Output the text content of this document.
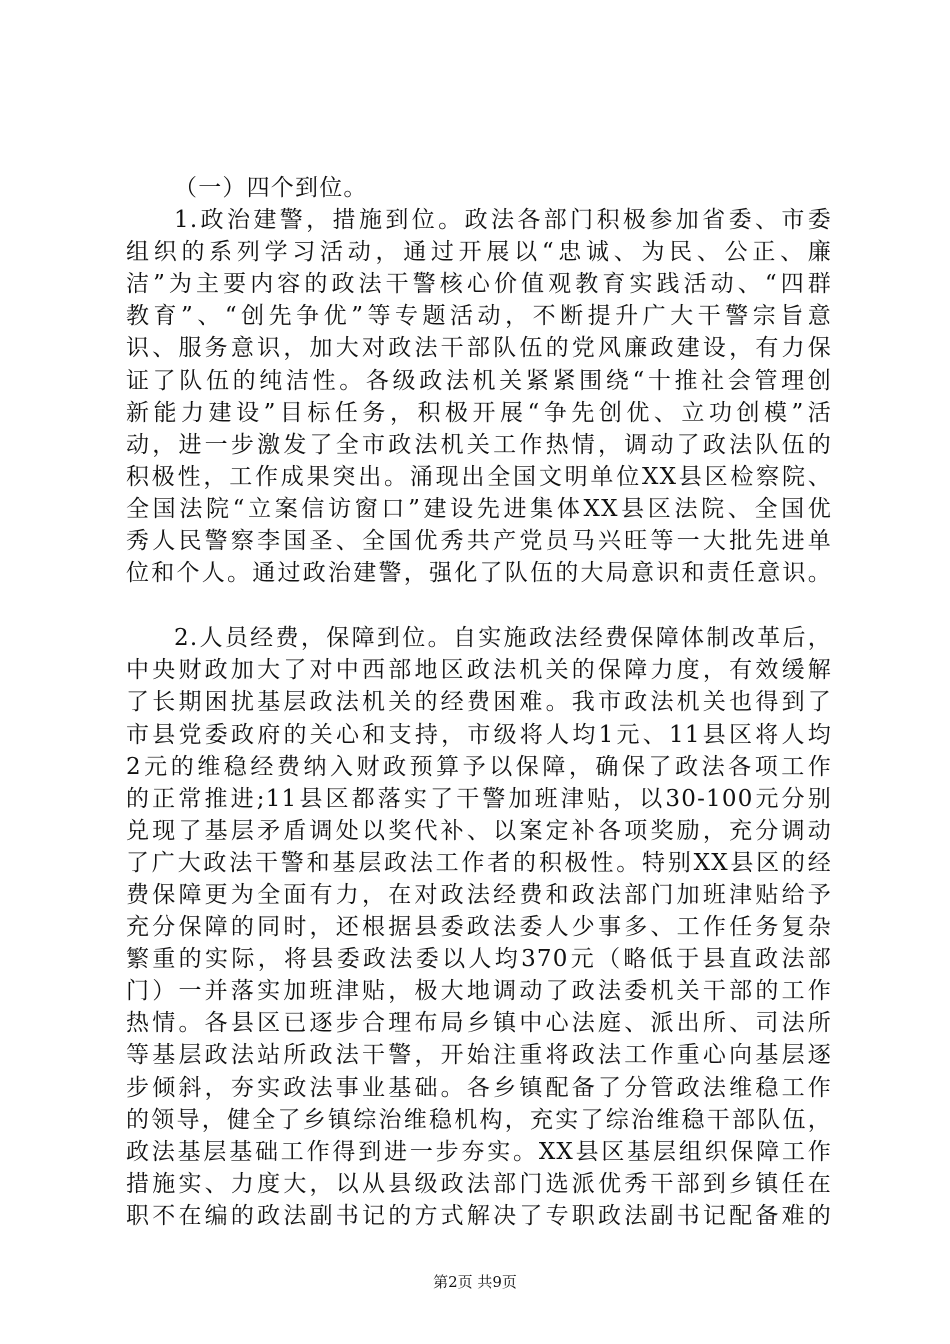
（一）四个到位。
1.政治建警，措施到位。政法各部门积极参加省委、市委
组织的系列学习活动，通过开展以“忠诚、为民、公正、廉
洁”为主要内容的政法干警核心价值观教育实践活动、“四群
教育”、“创先争优”等专题活动，不断提升广大干警宗旨意
识、服务意识，加大对政法干部队伍的党风廉政建设，有力保
证了队伍的纯洁性。各级政法机关紧紧围绕“十推社会管理创
新能力建设”目标任务，积极开展“争先创优、立功创模”活
动，进一步激发了全市政法机关工作热情，调动了政法队伍的
积极性，工作成果突出。涌现出全国文明单位XX县区检察院、
全国法院“立案信访窗口”建设先进集体XX县区法院、全国优
秀人民警察李国圣、全国优秀共产党员马兴旺等一大批先进单
位和个人。通过政治建警，强化了队伍的大局意识和责任意识。
2.人员经费，保障到位。自实施政法经费保障体制改革后，
中央财政加大了对中西部地区政法机关的保障力度，有效缓解
了长期困扰基层政法机关的经费困难。我市政法机关也得到了
市县党委政府的关心和支持，市级将人均1元、11县区将人均
2元的维稳经费纳入财政预算予以保障，确保了政法各项工作
的正常推进;11县区都落实了干警加班津贴，以30-100元分别
兑现了基层矛盾调处以奖代补、以案定补各项奖励，充分调动
了广大政法干警和基层政法工作者的积极性。特别XX县区的经
费保障更为全面有力，在对政法经费和政法部门加班津贴给予
充分保障的同时，还根据县委政法委人少事多、工作任务复杂
繁重的实际，将县委政法委以人均370元（略低于县直政法部
门）一并落实加班津贴，极大地调动了政法委机关干部的工作
热情。各县区已逐步合理布局乡镇中心法庭、派出所、司法所
等基层政法站所政法干警，开始注重将政法工作重心向基层逐
步倾斜，夯实政法事业基础。各乡镇配备了分管政法维稳工作
的领导，健全了乡镇综治维稳机构，充实了综治维稳干部队伍，
政法基层基础工作得到进一步夯实。XX县区基层组织保障工作
措施实、力度大，以从县级政法部门选派优秀干部到乡镇任在
职不在编的政法副书记的方式解决了专职政法副书记配备难的
第2页 共9页
